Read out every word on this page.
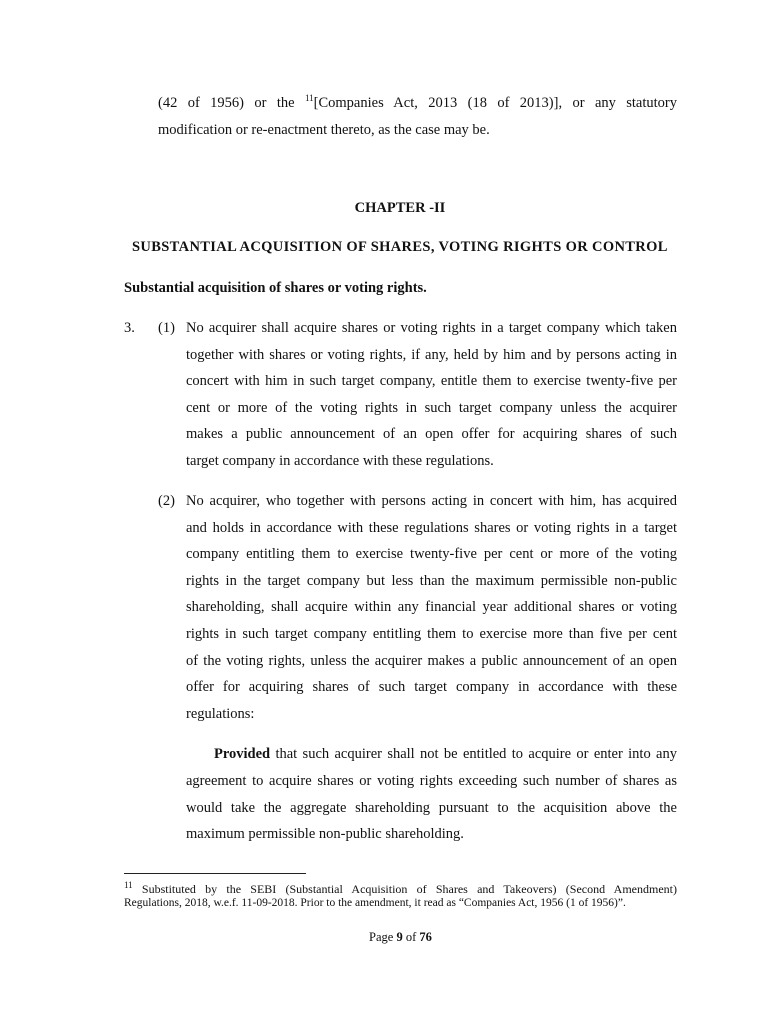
(42 of 1956) or the $^{11}$[Companies Act, 2013 (18 of 2013)], or any statutory
modification or re-enactment thereto, as the case may be.
CHAPTER -II
SUBSTANTIAL ACQUISITION OF SHARES, VOTING RIGHTS OR CONTROL
Substantial acquisition of shares or voting rights.
3. (1) No acquirer shall acquire shares or voting rights in a target company which taken
together with shares or voting rights, if any, held by him and by persons acting in
concert with him in such target company, entitle them to exercise twenty-five per
cent or more of the voting rights in such target company unless the acquirer
makes a public announcement of an open offer for acquiring shares of such
target company in accordance with these regulations.
(2) No acquirer, who together with persons acting in concert with him, has acquired
and holds in accordance with these regulations shares or voting rights in a target
company entitling them to exercise twenty-five per cent or more of the voting
rights in the target company but less than the maximum permissible non-public
shareholding, shall acquire within any financial year additional shares or voting
rights in such target company entitling them to exercise more than five per cent
of the voting rights, unless the acquirer makes a public announcement of an open
offer for acquiring shares of such target company in accordance with these
regulations:
Provided that such acquirer shall not be entitled to acquire or enter into any
agreement to acquire shares or voting rights exceeding such number of shares as
would take the aggregate shareholding pursuant to the acquisition above the
maximum permissible non-public shareholding.
$^{11}$ Substituted by the SEBI (Substantial Acquisition of Shares and Takeovers) (Second Amendment)
Regulations, 2018, w.e.f. 11-09-2018. Prior to the amendment, it read as “Companies Act, 1956 (1 of 1956)”.
Page 9 of 76
